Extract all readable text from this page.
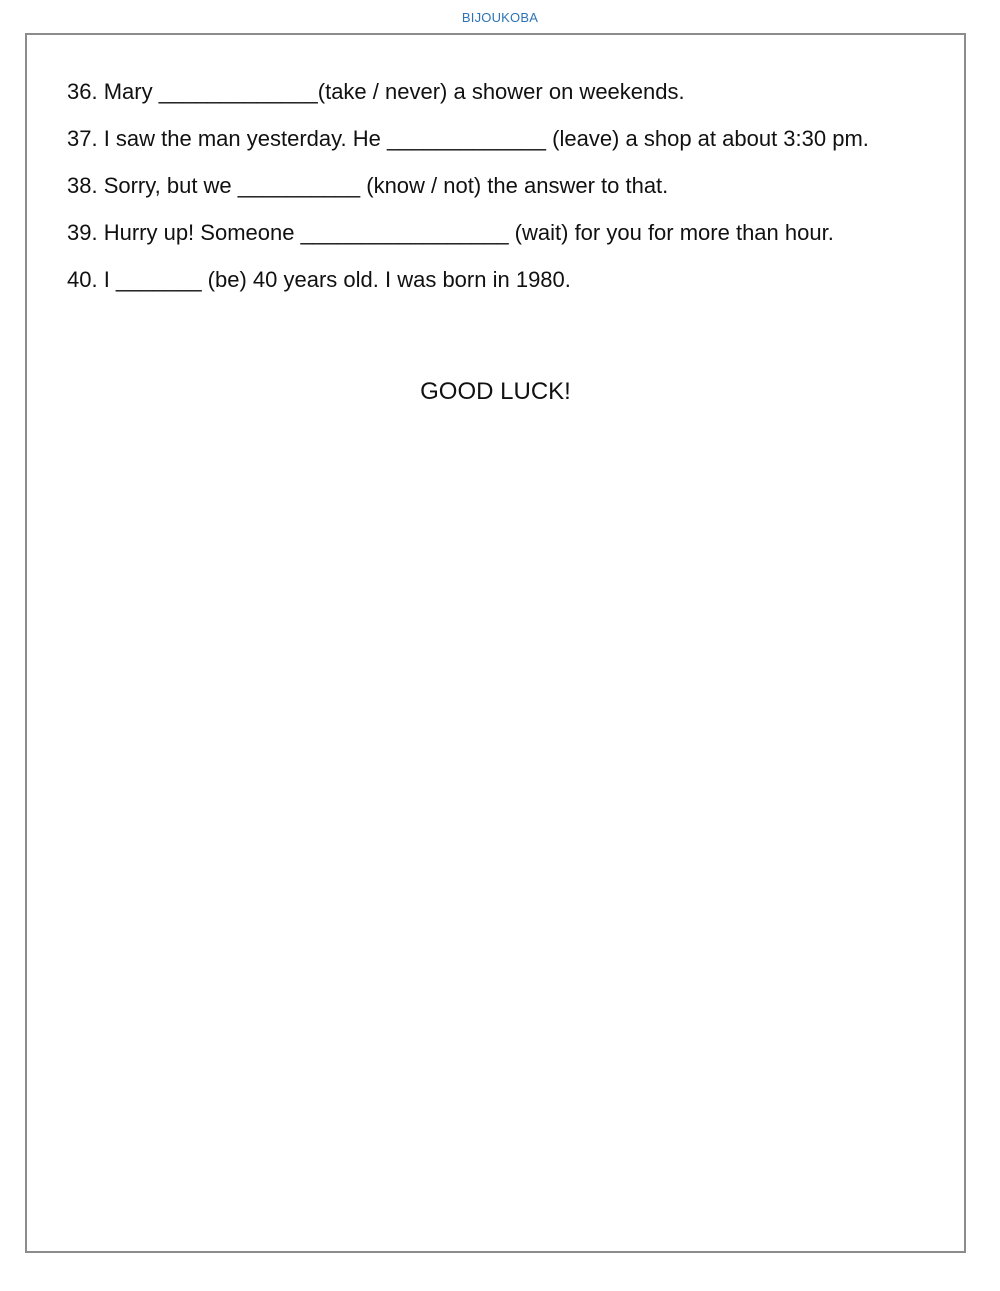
BIJOUKOBA
36. Mary _____________(take / never) a shower on weekends.
37. I saw the man yesterday. He _____________ (leave) a shop at about 3:30 pm.
38. Sorry, but we __________ (know / not) the answer to that.
39. Hurry up! Someone _________________ (wait) for you for more than hour.
40. I _______ (be) 40 years old. I was born in 1980.
GOOD LUCK!
